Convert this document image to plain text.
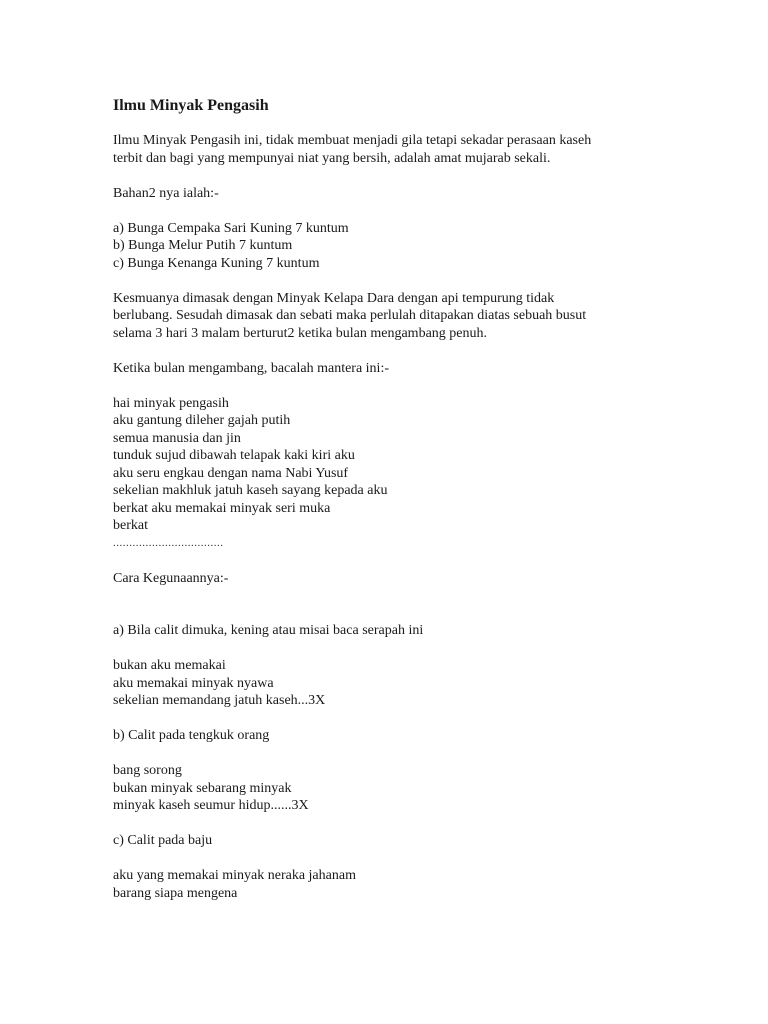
Ilmu Minyak Pengasih
Ilmu Minyak Pengasih ini, tidak membuat menjadi gila tetapi sekadar perasaan kaseh
terbit dan bagi yang mempunyai niat yang bersih, adalah amat mujarab sekali.
Bahan2 nya ialah:-
a) Bunga Cempaka Sari Kuning 7 kuntum
b) Bunga Melur Putih 7 kuntum
c) Bunga Kenanga Kuning 7 kuntum
Kesmuanya dimasak dengan Minyak Kelapa Dara dengan api tempurung tidak
berlubang. Sesudah dimasak dan sebati maka perlulah ditapakan diatas sebuah busut
selama 3 hari 3 malam berturut2 ketika bulan mengambang penuh.
Ketika bulan mengambang, bacalah mantera ini:-
hai minyak pengasih
aku gantung dileher gajah putih
semua manusia dan jin
tunduk sujud dibawah telapak kaki kiri aku
aku seru engkau dengan nama Nabi Yusuf
sekelian makhluk jatuh kaseh sayang kepada aku
berkat aku memakai minyak seri muka
berkat
..................................
Cara Kegunaannya:-
a) Bila calit dimuka, kening atau misai baca serapah ini
bukan aku memakai
aku memakai minyak nyawa
sekelian memandang jatuh kaseh...3X
b) Calit pada tengkuk orang
bang sorong
bukan minyak sebarang minyak
minyak kaseh seumur hidup......3X
c) Calit pada baju
aku yang memakai minyak neraka jahanam
barang siapa mengena
